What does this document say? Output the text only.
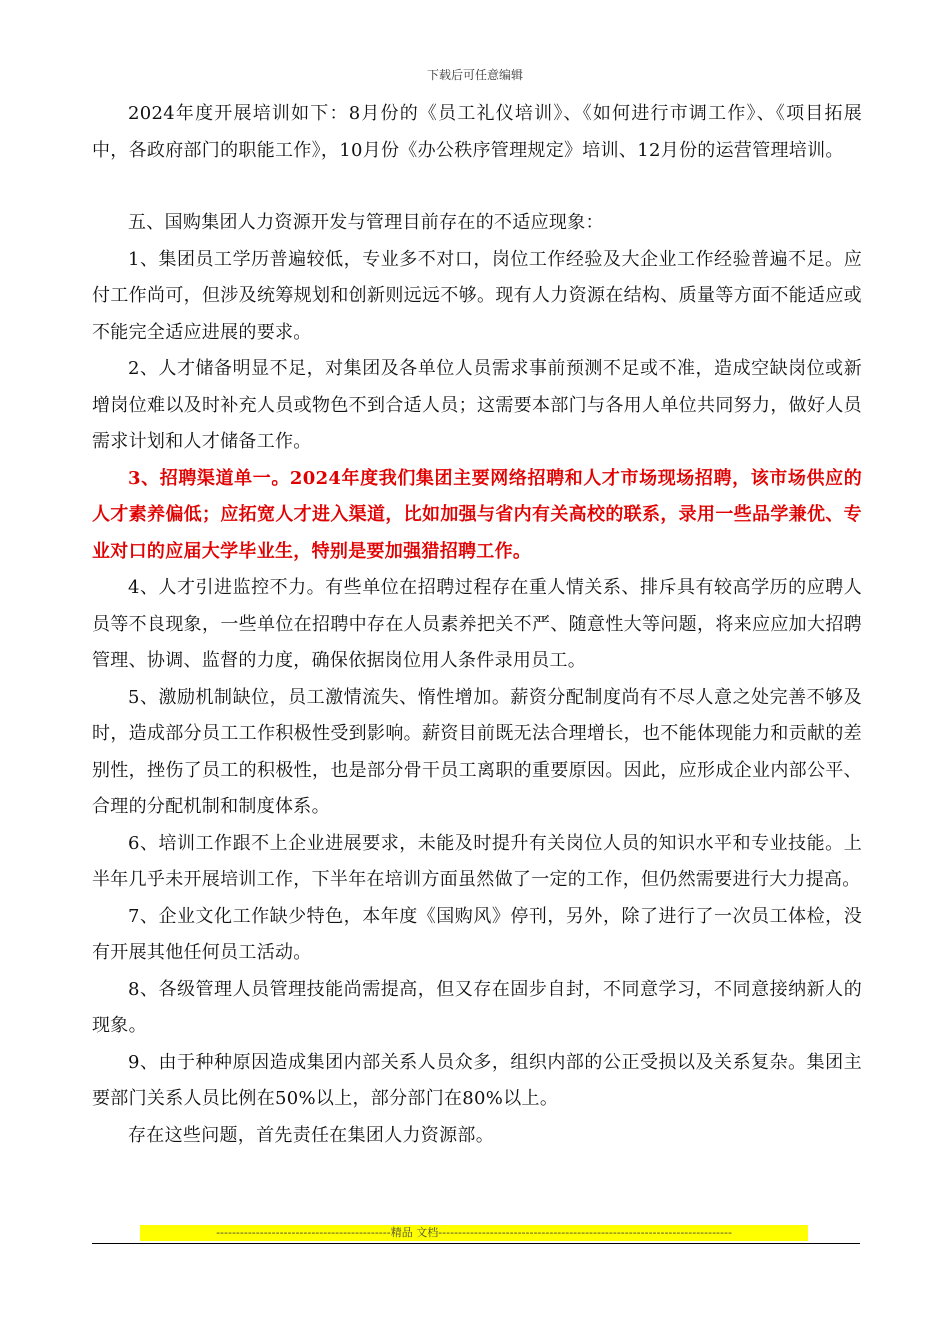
下载后可任意编辑

2024年度开展培训如下：8月份的《员工礼仪培训》、《如何进行市调工作》、《项目拓展中，各政府部门的职能工作》，10月份《办公秩序管理规定》培训、12月份的运营管理培训。

五、国购集团人力资源开发与管理目前存在的不适应现象：

1、集团员工学历普遍较低，专业多不对口，岗位工作经验及大企业工作经验普遍不足。应付工作尚可，但涉及统筹规划和创新则远远不够。现有人力资源在结构、质量等方面不能适应或不能完全适应进展的要求。

2、人才储备明显不足，对集团及各单位人员需求事前预测不足或不准，造成空缺岗位或新增岗位难以及时补充人员或物色不到合适人员；这需要本部门与各用人单位共同努力，做好人员需求计划和人才储备工作。

3、招聘渠道单一。2024年度我们集团主要网络招聘和人才市场现场招聘，该市场供应的人才素养偏低；应拓宽人才进入渠道，比如加强与省内有关高校的联系，录用一些品学兼优、专业对口的应届大学毕业生，特别是要加强猎招聘工作。

4、人才引进监控不力。有些单位在招聘过程存在重人情关系、排斥具有较高学历的应聘人员等不良现象，一些单位在招聘中存在人员素养把关不严、随意性大等问题，将来应应加大招聘管理、协调、监督的力度，确保依据岗位用人条件录用员工。

5、激励机制缺位，员工激情流失、惰性增加。薪资分配制度尚有不尽人意之处完善不够及时，造成部分员工工作积极性受到影响。薪资目前既无法合理增长，也不能体现能力和贡献的差别性，挫伤了员工的积极性，也是部分骨干员工离职的重要原因。因此，应形成企业内部公平、合理的分配机制和制度体系。

6、培训工作跟不上企业进展要求，未能及时提升有关岗位人员的知识水平和专业技能。上半年几乎未开展培训工作，下半年在培训方面虽然做了一定的工作，但仍然需要进行大力提高。

7、企业文化工作缺少特色，本年度《国购风》停刊，另外，除了进行了一次员工体检，没有开展其他任何员工活动。

8、各级管理人员管理技能尚需提高，但又存在固步自封，不同意学习，不同意接纳新人的现象。

9、由于种种原因造成集团内部关系人员众多，组织内部的公正受损以及关系复杂。集团主要部门关系人员比例在50%以上，部分部门在80%以上。

存在这些问题，首先责任在集团人力资源部。

--------------------------------------------精品 文档--------------------------------------------------------------------------
